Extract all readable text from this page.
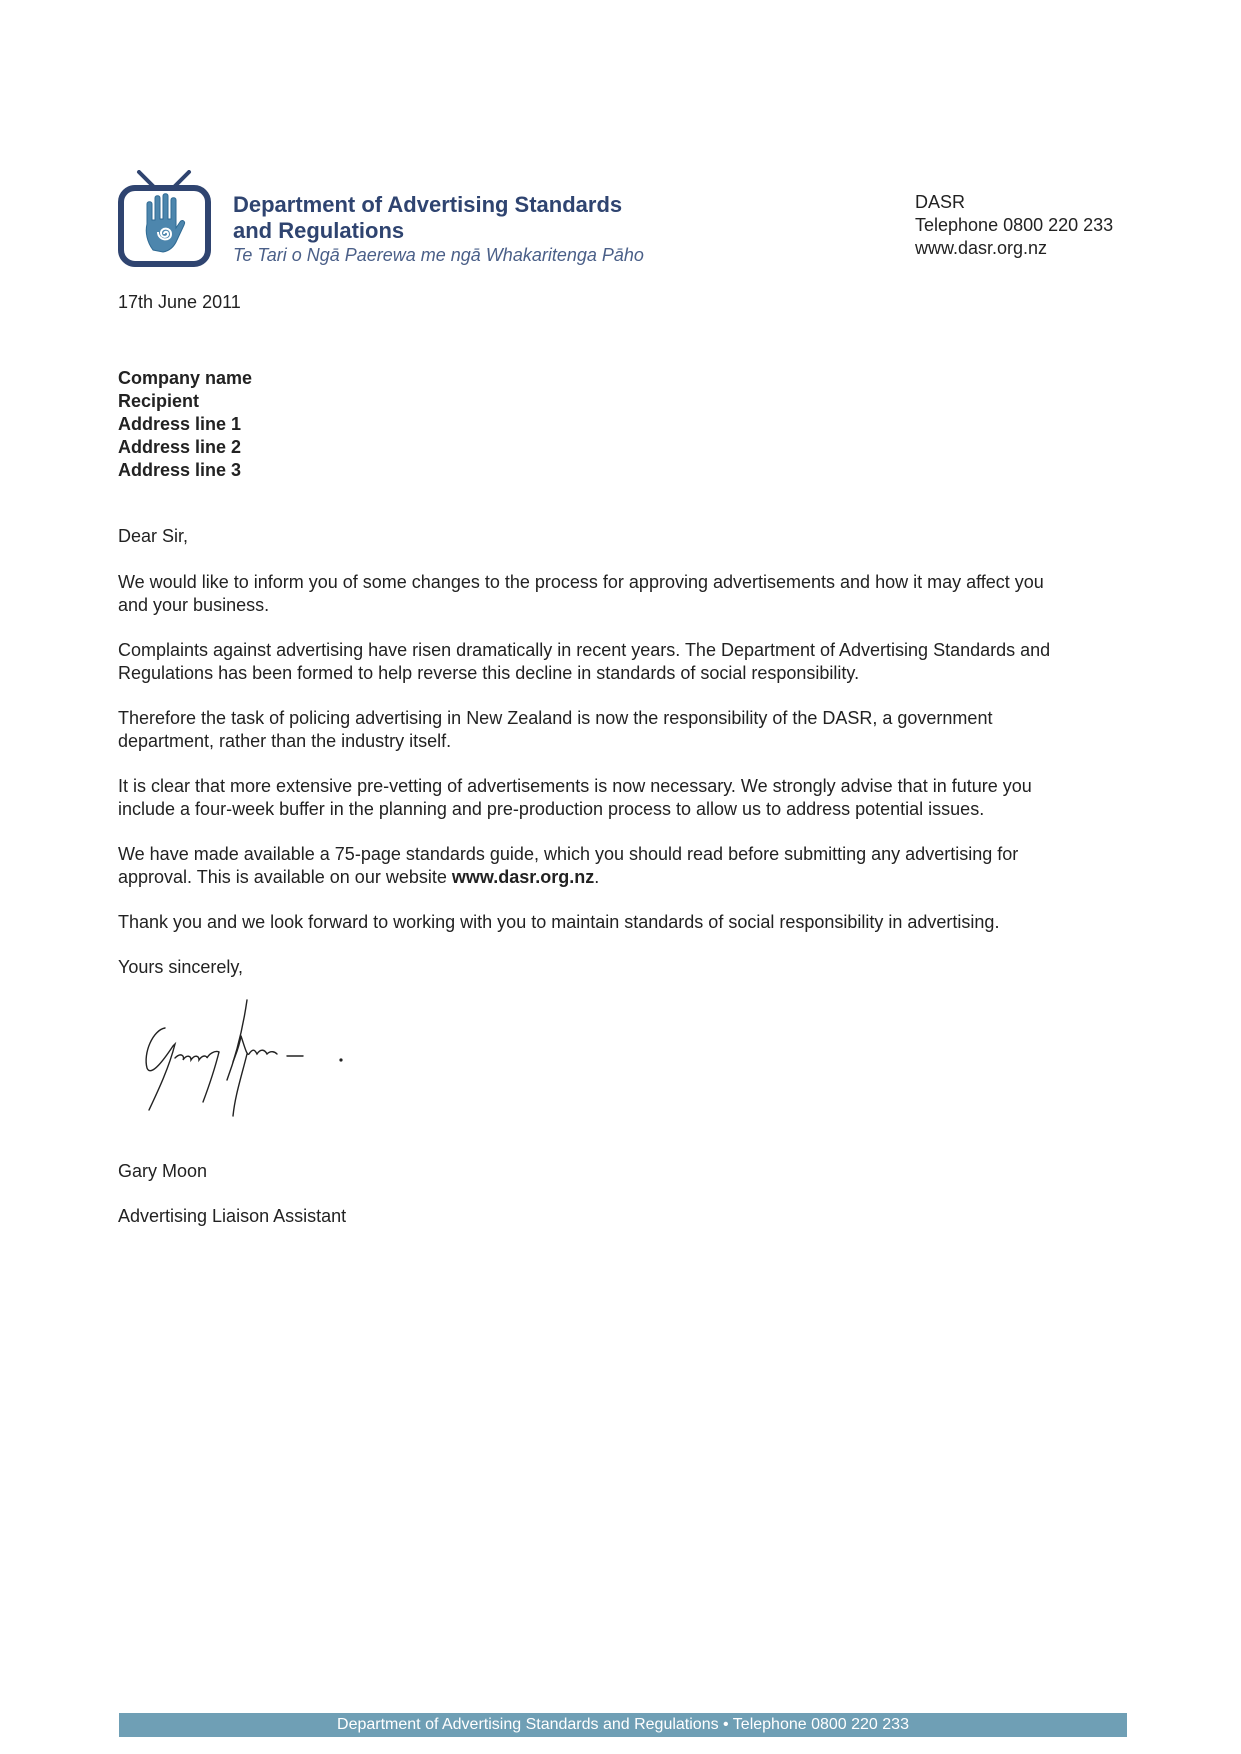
Department of Advertising Standards
and Regulations
Te Tari o Ngā Paerewa me ngā Whakaritenga Pāho
DASR
Telephone 0800 220 233
www.dasr.org.nz
17th June 2011
Company name
Recipient
Address line 1
Address line 2
Address line 3

Dear Sir,

We would like to inform you of some changes to the process for approving advertisements and how it may affect you and your business.

Complaints against advertising have risen dramatically in recent years. The Department of Advertising Standards and Regulations has been formed to help reverse this decline in standards of social responsibility.

Therefore the task of policing advertising in New Zealand is now the responsibility of the DASR, a government department, rather than the industry itself.

It is clear that more extensive pre-vetting of advertisements is now necessary. We strongly advise that in future you include a four-week buffer in the planning and pre-production process to allow us to address potential issues.

We have made available a 75-page standards guide, which you should read before submitting any advertising for approval. This is available on our website www.dasr.org.nz.

Thank you and we look forward to working with you to maintain standards of social responsibility in advertising.

Yours sincerely,

Gary Moon
Advertising Liaison Assistant
Department of Advertising Standards and Regulations • Telephone 0800 220 233
